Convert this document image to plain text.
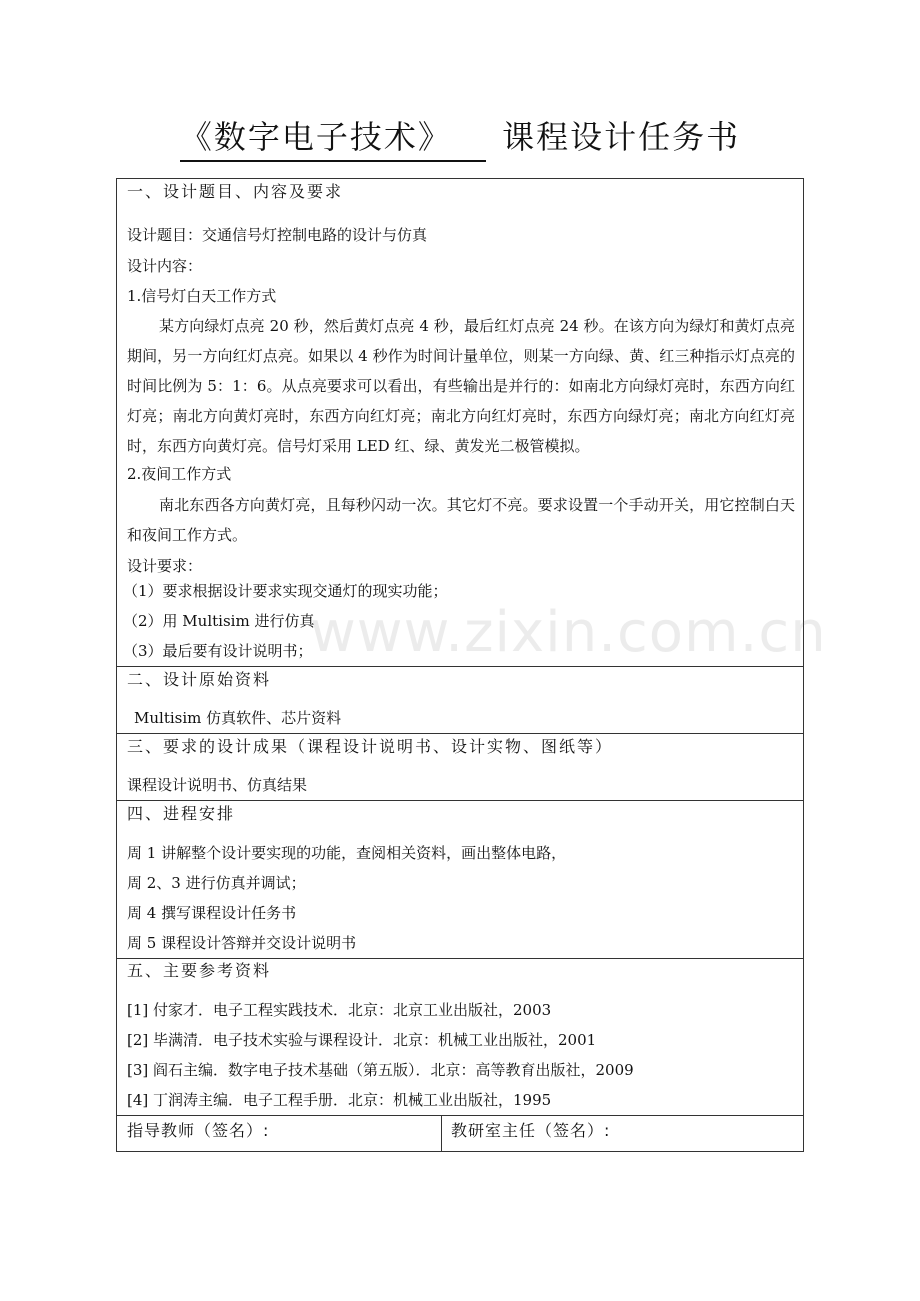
《数字电子技术》 课程设计任务书
一、设计题目、内容及要求
设计题目：交通信号灯控制电路的设计与仿真
设计内容：
1.信号灯白天工作方式
某方向绿灯点亮 20 秒，然后黄灯点亮 4 秒，最后红灯点亮 24 秒。在该方向为绿灯和黄灯点亮期间，另一方向红灯点亮。如果以 4 秒作为时间计量单位，则某一方向绿、黄、红三种指示灯点亮的时间比例为 5：1：6。从点亮要求可以看出，有些输出是并行的：如南北方向绿灯亮时，东西方向红灯亮；南北方向黄灯亮时，东西方向红灯亮；南北方向红灯亮时，东西方向绿灯亮；南北方向红灯亮时，东西方向黄灯亮。信号灯采用 LED 红、绿、黄发光二极管模拟。
2.夜间工作方式
南北东西各方向黄灯亮，且每秒闪动一次。其它灯不亮。要求设置一个手动开关，用它控制白天和夜间工作方式。
设计要求：
（1）要求根据设计要求实现交通灯的现实功能；
（2）用 Multisim 进行仿真
（3）最后要有设计说明书；
二、设计原始资料
Multisim 仿真软件、芯片资料
三、要求的设计成果（课程设计说明书、设计实物、图纸等）
课程设计说明书、仿真结果
四、进程安排
周 1 讲解整个设计要实现的功能，查阅相关资料，画出整体电路，
周 2、3 进行仿真并调试；
周 4 撰写课程设计任务书
周 5 课程设计答辩并交设计说明书
五、主要参考资料
[1] 付家才．电子工程实践技术．北京：北京工业出版社，2003
[2] 毕满清．电子技术实验与课程设计．北京：机械工业出版社，2001
[3] 阎石主编．数字电子技术基础（第五版）．北京：高等教育出版社，2009
[4] 丁润涛主编．电子工程手册．北京：机械工业出版社，1995
指导教师（签名）:	教研室主任（签名）:
www.zixin.com.cn
